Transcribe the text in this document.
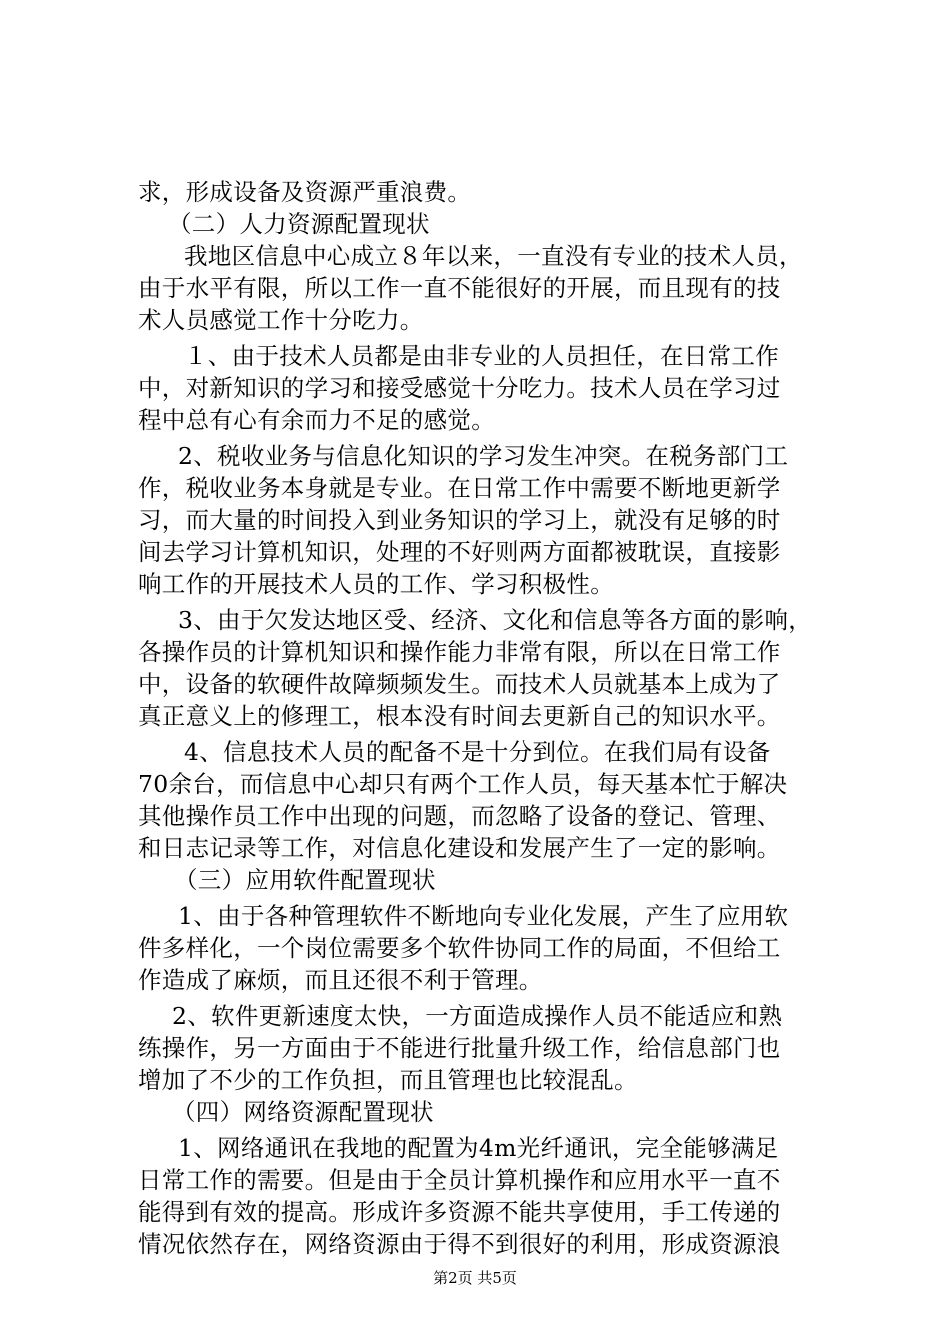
求，形成设备及资源严重浪费。
（二）人力资源配置现状
我地区信息中心成立８年以来，一直没有专业的技术人员，
由于水平有限，所以工作一直不能很好的开展，而且现有的技
术人员感觉工作十分吃力。
１、由于技术人员都是由非专业的人员担任，在日常工作
中，对新知识的学习和接受感觉十分吃力。技术人员在学习过
程中总有心有余而力不足的感觉。
2、税收业务与信息化知识的学习发生冲突。在税务部门工
作，税收业务本身就是专业。在日常工作中需要不断地更新学
习，而大量的时间投入到业务知识的学习上，就没有足够的时
间去学习计算机知识，处理的不好则两方面都被耽误，直接影
响工作的开展技术人员的工作、学习积极性。
3、由于欠发达地区受、经济、文化和信息等各方面的影响，
各操作员的计算机知识和操作能力非常有限，所以在日常工作
中，设备的软硬件故障频频发生。而技术人员就基本上成为了
真正意义上的修理工，根本没有时间去更新自己的知识水平。
4、信息技术人员的配备不是十分到位。在我们局有设备
70余台，而信息中心却只有两个工作人员，每天基本忙于解决
其他操作员工作中出现的问题，而忽略了设备的登记、管理、
和日志记录等工作，对信息化建设和发展产生了一定的影响。
（三）应用软件配置现状
1、由于各种管理软件不断地向专业化发展，产生了应用软
件多样化，一个岗位需要多个软件协同工作的局面，不但给工
作造成了麻烦，而且还很不利于管理。
2、软件更新速度太快，一方面造成操作人员不能适应和熟
练操作，另一方面由于不能进行批量升级工作，给信息部门也
增加了不少的工作负担，而且管理也比较混乱。
（四）网络资源配置现状
1、网络通讯在我地的配置为4m光纤通讯，完全能够满足
日常工作的需要。但是由于全员计算机操作和应用水平一直不
能得到有效的提高。形成许多资源不能共享使用，手工传递的
情况依然存在，网络资源由于得不到很好的利用，形成资源浪
第2页 共5页
